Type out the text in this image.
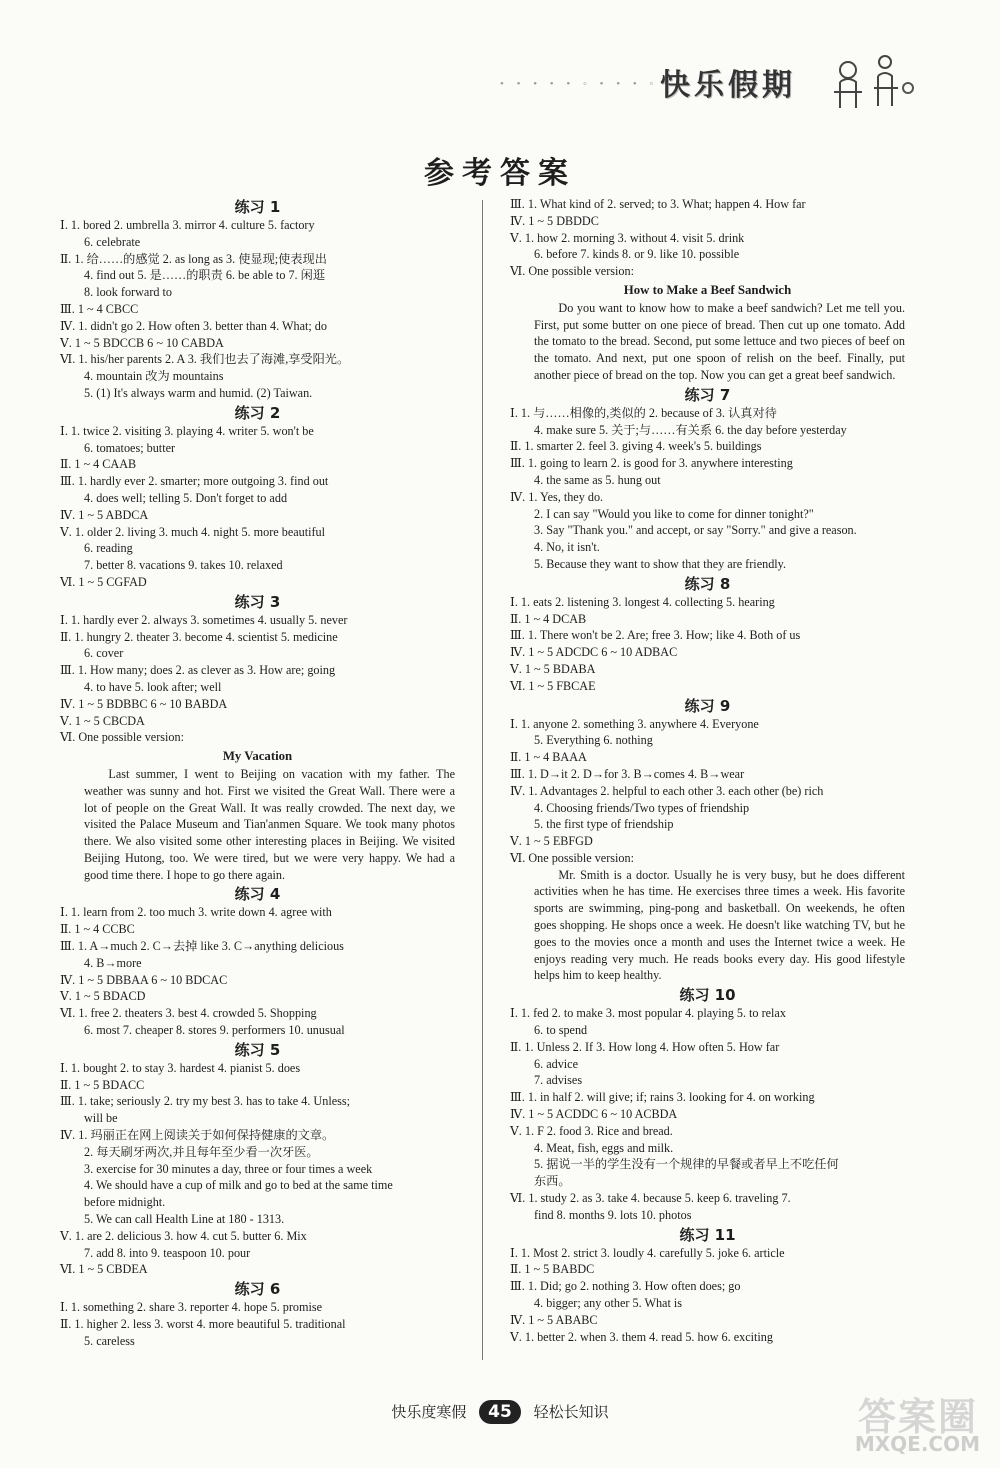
• • • • • ◦ • • • ◦ • •
快乐假期
参考答案
练习 1
Ⅰ. 1. bored 2. umbrella 3. mirror 4. culture 5. factory
6. celebrate
Ⅱ. 1. 给……的感觉 2. as long as 3. 使显现;使表现出
4. find out 5. 是……的职责 6. be able to 7. 闲逛
8. look forward to
Ⅲ. 1 ~ 4 CBCC
Ⅳ. 1. didn't go 2. How often 3. better than 4. What; do
Ⅴ. 1 ~ 5 BDCCB 6 ~ 10 CABDA
Ⅵ. 1. his/her parents 2. A 3. 我们也去了海滩,享受阳光。
4. mountain 改为 mountains
5. (1) It's always warm and humid. (2) Taiwan.
练习 2
Ⅰ. 1. twice 2. visiting 3. playing 4. writer 5. won't be
6. tomatoes; butter
Ⅱ. 1 ~ 4 CAAB
Ⅲ. 1. hardly ever 2. smarter; more outgoing 3. find out
4. does well; telling 5. Don't forget to add
Ⅳ. 1 ~ 5 ABDCA
Ⅴ. 1. older 2. living 3. much 4. night 5. more beautiful
6. reading
7. better 8. vacations 9. takes 10. relaxed
Ⅵ. 1 ~ 5 CGFAD
练习 3
Ⅰ. 1. hardly ever 2. always 3. sometimes 4. usually 5. never
Ⅱ. 1. hungry 2. theater 3. become 4. scientist 5. medicine
6. cover
Ⅲ. 1. How many; does 2. as clever as 3. How are; going
4. to have 5. look after; well
Ⅳ. 1 ~ 5 BDBBC 6 ~ 10 BABDA
Ⅴ. 1 ~ 5 CBCDA
Ⅵ. One possible version:
My Vacation
Last summer, I went to Beijing on vacation with my father. The weather was sunny and hot. First we visited the Great Wall. There were a lot of people on the Great Wall. It was really crowded. The next day, we visited the Palace Museum and Tian'anmen Square. We took many photos there. We also visited some other interesting places in Beijing. We visited Beijing Hutong, too. We were tired, but we were very happy. We had a good time there. I hope to go there again.
练习 4
Ⅰ. 1. learn from 2. too much 3. write down 4. agree with
Ⅱ. 1 ~ 4 CCBC
Ⅲ. 1. A→much 2. C→去掉 like 3. C→anything delicious
4. B→more
Ⅳ. 1 ~ 5 DBBAA 6 ~ 10 BDCAC
Ⅴ. 1 ~ 5 BDACD
Ⅵ. 1. free 2. theaters 3. best 4. crowded 5. Shopping
6. most 7. cheaper 8. stores 9. performers 10. unusual
练习 5
Ⅰ. 1. bought 2. to stay 3. hardest 4. pianist 5. does
Ⅱ. 1 ~ 5 BDACC
Ⅲ. 1. take; seriously 2. try my best 3. has to take 4. Unless;
will be
Ⅳ. 1. 玛丽正在网上阅读关于如何保持健康的文章。
2. 每天刷牙两次,并且每年至少看一次牙医。
3. exercise for 30 minutes a day, three or four times a week
4. We should have a cup of milk and go to bed at the same time
before midnight.
5. We can call Health Line at 180 - 1313.
Ⅴ. 1. are 2. delicious 3. how 4. cut 5. butter 6. Mix
7. add 8. into 9. teaspoon 10. pour
Ⅵ. 1 ~ 5 CBDEA
练习 6
Ⅰ. 1. something 2. share 3. reporter 4. hope 5. promise
Ⅱ. 1. higher 2. less 3. worst 4. more beautiful 5. traditional
5. careless
Ⅲ. 1. What kind of 2. served; to 3. What; happen 4. How far
Ⅳ. 1 ~ 5 DBDDC
Ⅴ. 1. how 2. morning 3. without 4. visit 5. drink
6. before 7. kinds 8. or 9. like 10. possible
Ⅵ. One possible version:
How to Make a Beef Sandwich
Do you want to know how to make a beef sandwich? Let me tell you. First, put some butter on one piece of bread. Then cut up one tomato. Add the tomato to the bread. Second, put some lettuce and two pieces of beef on the tomato. And next, put one spoon of relish on the beef. Finally, put another piece of bread on the top. Now you can get a great beef sandwich.
练习 7
Ⅰ. 1. 与……相像的,类似的 2. because of 3. 认真对待
4. make sure 5. 关于;与……有关系 6. the day before yesterday
Ⅱ. 1. smarter 2. feel 3. giving 4. week's 5. buildings
Ⅲ. 1. going to learn 2. is good for 3. anywhere interesting
4. the same as 5. hung out
Ⅳ. 1. Yes, they do.
2. I can say "Would you like to come for dinner tonight?"
3. Say "Thank you." and accept, or say "Sorry." and give a reason.
4. No, it isn't.
5. Because they want to show that they are friendly.
练习 8
Ⅰ. 1. eats 2. listening 3. longest 4. collecting 5. hearing
Ⅱ. 1 ~ 4 DCAB
Ⅲ. 1. There won't be 2. Are; free 3. How; like 4. Both of us
Ⅳ. 1 ~ 5 ADCDC 6 ~ 10 ADBAC
Ⅴ. 1 ~ 5 BDABA
Ⅵ. 1 ~ 5 FBCAE
练习 9
Ⅰ. 1. anyone 2. something 3. anywhere 4. Everyone
5. Everything 6. nothing
Ⅱ. 1 ~ 4 BAAA
Ⅲ. 1. D→it 2. D→for 3. B→comes 4. B→wear
Ⅳ. 1. Advantages 2. helpful to each other 3. each other (be) rich
4. Choosing friends/Two types of friendship
5. the first type of friendship
Ⅴ. 1 ~ 5 EBFGD
Ⅵ. One possible version:
Mr. Smith is a doctor. Usually he is very busy, but he does different activities when he has time. He exercises three times a week. His favorite sports are swimming, ping-pong and basketball. On weekends, he often goes shopping. He shops once a week. He doesn't like watching TV, but he goes to the movies once a month and uses the Internet twice a week. He enjoys reading very much. He reads books every day. His good lifestyle helps him to keep healthy.
练习 10
Ⅰ. 1. fed 2. to make 3. most popular 4. playing 5. to relax
6. to spend
Ⅱ. 1. Unless 2. If 3. How long 4. How often 5. How far
6. advice
7. advises
Ⅲ. 1. in half 2. will give; if; rains 3. looking for 4. on working
Ⅳ. 1 ~ 5 ACDDC 6 ~ 10 ACBDA
Ⅴ. 1. F 2. food 3. Rice and bread.
4. Meat, fish, eggs and milk.
5. 据说一半的学生没有一个规律的早餐或者早上不吃任何
东西。
Ⅵ. 1. study 2. as 3. take 4. because 5. keep 6. traveling 7.
find 8. months 9. lots 10. photos
练习 11
Ⅰ. 1. Most 2. strict 3. loudly 4. carefully 5. joke 6. article
Ⅱ. 1 ~ 5 BABDC
Ⅲ. 1. Did; go 2. nothing 3. How often does; go
4. bigger; any other 5. What is
Ⅳ. 1 ~ 5 ABABC
Ⅴ. 1. better 2. when 3. them 4. read 5. how 6. exciting
快乐度寒假 45 轻松长知识	答案圈
MXQE.COM
